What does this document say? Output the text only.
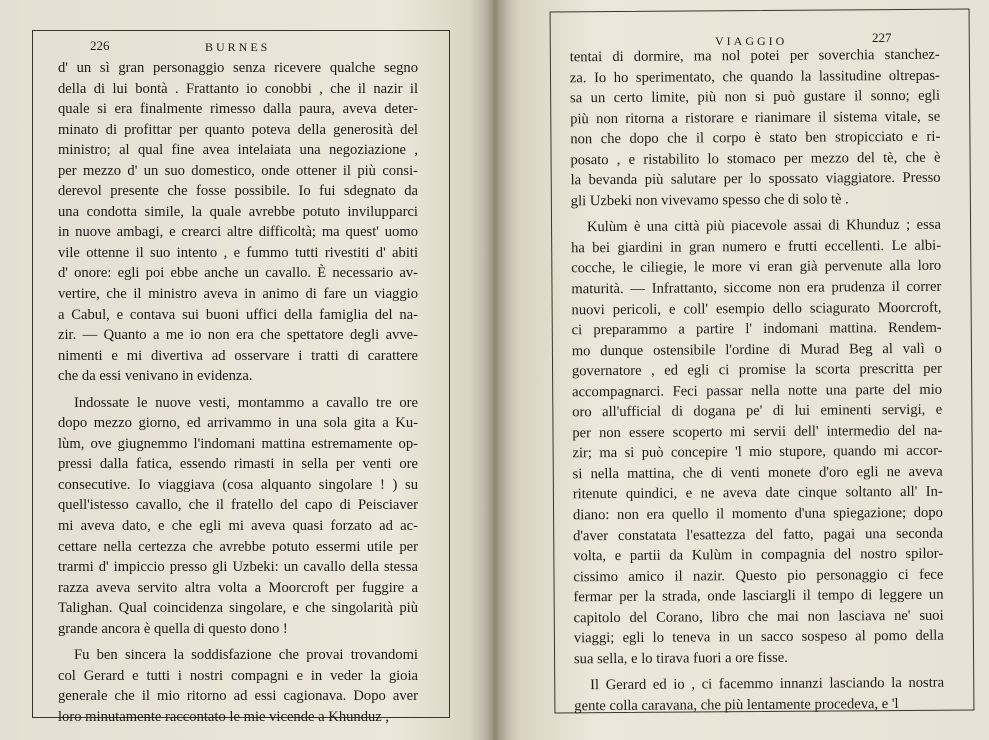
226	BURNES
d' un sì gran personaggio senza ricevere qualche segno
della di lui bontà . Frattanto io conobbi , che il nazir il
quale si era finalmente rimesso dalla paura, aveva deter-
minato di profittar per quanto poteva della generosità del
ministro; al qual fine avea intelaiata una negoziazione ,
per mezzo d' un suo domestico, onde ottener il più consi-
derevol presente che fosse possibile. Io fui sdegnato da
una condotta simile, la quale avrebbe potuto invilupparci
in nuove ambagi, e crearci altre difficoltà; ma quest' uomo
vile ottenne il suo intento , e fummo tutti rivestiti d' abiti
d' onore: egli poi ebbe anche un cavallo. È necessario av-
vertire, che il ministro aveva in animo di fare un viaggio
a Cabul, e contava sui buoni uffici della famiglia del na-
zir. — Quanto a me io non era che spettatore degli avve-
nimenti e mi divertiva ad osservare i tratti di carattere
che da essi venivano in evidenza.
Indossate le nuove vesti, montammo a cavallo tre ore
dopo mezzo giorno, ed arrivammo in una sola gita a Ku-
lùm, ove giugnemmo l'indomani mattina estremamente op-
pressi dalla fatica, essendo rimasti in sella per venti ore
consecutive. Io viaggiava (cosa alquanto singolare ! ) su
quell'istesso cavallo, che il fratello del capo di Peisciaver
mi aveva dato, e che egli mi aveva quasi forzato ad ac-
cettare nella certezza che avrebbe potuto essermi utile per
trarmi d' impiccio presso gli Uzbeki: un cavallo della stessa
razza aveva servito altra volta a Moorcroft per fuggire a
Talighan. Qual coincidenza singolare, e che singolarità più
grande ancora è quella di questo dono !
Fu ben sincera la soddisfazione che provai trovandomi
col Gerard e tutti i nostri compagni e in veder la gioia
generale che il mio ritorno ad essi cagionava. Dopo aver
loro minutamente raccontato le mie vicende a Khunduz ,
VIAGGIO	227
tentai di dormire, ma nol potei per soverchia stanchez-
za. Io ho sperimentato, che quando la lassitudine oltrepas-
sa un certo limite, più non si può gustare il sonno; egli
più non ritorna a ristorare e rianimare il sistema vitale, se
non che dopo che il corpo è stato ben stropicciato e ri-
posato , e ristabilito lo stomaco per mezzo del tè, che è
la bevanda più salutare per lo spossato viaggiatore. Presso
gli Uzbeki non vivevamo spesso che di solo tè .
Kulùm è una città più piacevole assai di Khunduz ; essa
ha bei giardini in gran numero e frutti eccellenti. Le albi-
cocche, le ciliegie, le more vi eran già pervenute alla loro
maturità. — Infrattanto, siccome non era prudenza il correr
nuovi pericoli, e coll' esempio dello sciagurato Moorcroft,
ci preparammo a partire l' indomani mattina. Rendem-
mo dunque ostensibile l'ordine di Murad Beg al valì o
governatore , ed egli ci promise la scorta prescritta per
accompagnarci. Feci passar nella notte una parte del mio
oro all'ufficial di dogana pe' di lui eminenti servigi, e
per non essere scoperto mi servii dell' intermedio del na-
zir; ma si può concepire 'l mio stupore, quando mi accor-
si nella mattina, che di venti monete d'oro egli ne aveva
ritenute quindici, e ne aveva date cinque soltanto all' In-
diano: non era quello il momento d'una spiegazione; dopo
d'aver constatata l'esattezza del fatto, pagai una seconda
volta, e partii da Kulùm in compagnia del nostro spilor-
cissimo amico il nazir. Questo pio personaggio ci fece
fermar per la strada, onde lasciargli il tempo di leggere un
capitolo del Corano, libro che mai non lasciava ne' suoi
viaggi; egli lo teneva in un sacco sospeso al pomo della
sua sella, e lo tirava fuori a ore fisse.
Il Gerard ed io , ci facemmo innanzi lasciando la nostra
gente colla caravana, che più lentamente procedeva, e 'l
